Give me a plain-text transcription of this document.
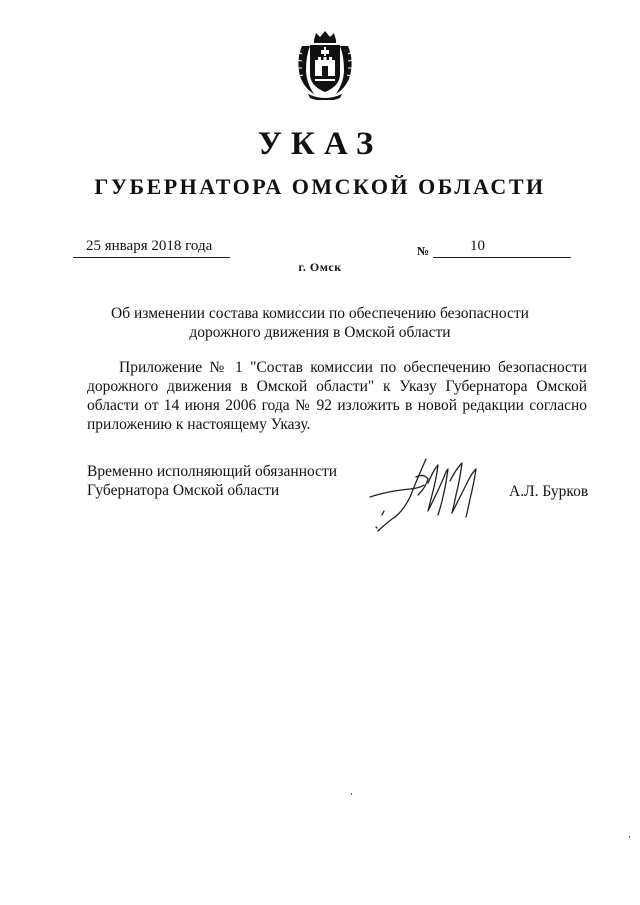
УКАЗ
ГУБЕРНАТОРА ОМСКОЙ ОБЛАСТИ
25 января 2018 года	№	10
г. Омск

Об изменении состава комиссии по обеспечению безопасности
дорожного движения в Омской области

Приложение № 1 "Состав комиссии по обеспечению безопасности дорожного движения в Омской области" к Указу Губернатора Омской области от 14 июня 2006 года № 92 изложить в новой редакции согласно приложению к настоящему Указу.

Временно исполняющий обязанности
Губернатора Омской области	А.Л. Бурков
